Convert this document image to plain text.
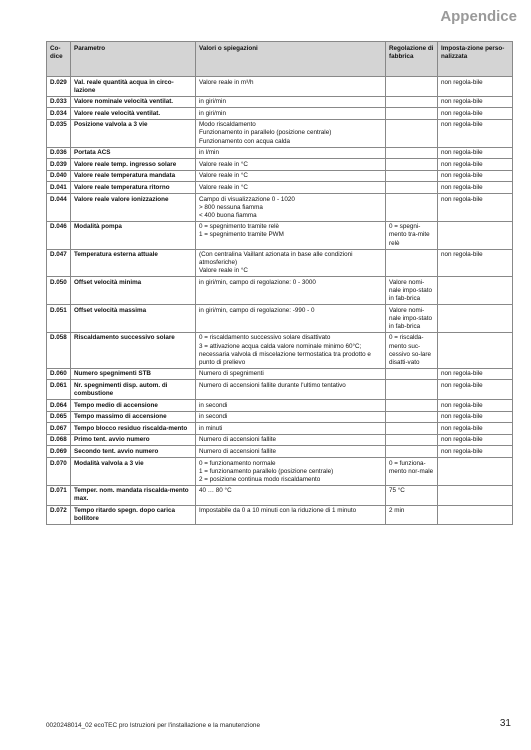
Appendice
Co-dice	Parametro	Valori o spiegazioni	Regolazione di fabbrica	Imposta-zione perso-nalizzata
D.029	Val. reale quantità acqua in circo-lazione	Valore reale in m³/h		non regola-bile
D.033	Valore nominale velocità ventilat.	in giri/min		non regola-bile
D.034	Valore reale velocità ventilat.	in giri/min		non regola-bile
D.035	Posizione valvola a 3 vie	Modo riscaldamento
Funzionamento in parallelo (posizione centrale)
Funzionamento con acqua calda		non regola-bile
D.036	Portata ACS	in l/min		non regola-bile
D.039	Valore reale temp. ingresso solare	Valore reale in °C		non regola-bile
D.040	Valore reale temperatura mandata	Valore reale in °C		non regola-bile
D.041	Valore reale temperatura ritorno	Valore reale in °C		non regola-bile
D.044	Valore reale valore ionizzazione	Campo di visualizzazione 0 - 1020
> 800 nessuna fiamma
< 400 buona fiamma		non regola-bile
D.046	Modalità pompa	0 = spegnimento tramite relè
1 = spegnimento tramite PWM	0 = spegni-mento tra-mite relè	
D.047	Temperatura esterna attuale	(Con centralina Vaillant azionata in base alle condizioni atmosferiche)
Valore reale in °C		non regola-bile
D.050	Offset velocità minima	in giri/min, campo di regolazione: 0 - 3000	Valore nomi-nale impo-stato in fab-brica	
D.051	Offset velocità massima	in giri/min, campo di regolazione: -990 - 0	Valore nomi-nale impo-stato in fab-brica	
D.058	Riscaldamento successivo solare	0 = riscaldamento successivo solare disattivato
3 = attivazione acqua calda valore nominale minimo 60°C; necessaria valvola di miscelazione termostatica tra prodotto e punto di prelievo	0 = riscalda-mento suc-cessivo so-lare disatti-vato	
D.060	Numero spegnimenti STB	Numero di spegnimenti		non regola-bile
D.061	Nr. spegnimenti disp. autom. di combustione	Numero di accensioni fallite durante l'ultimo tentativo		non regola-bile
D.064	Tempo medio di accensione	in secondi		non regola-bile
D.065	Tempo massimo di accensione	in secondi		non regola-bile
D.067	Tempo blocco residuo riscalda-mento	in minuti		non regola-bile
D.068	Primo tent. avvio numero	Numero di accensioni fallite		non regola-bile
D.069	Secondo tent. avvio numero	Numero di accensioni fallite		non regola-bile
D.070	Modalità valvola a 3 vie	0 = funzionamento normale
1 = funzionamento parallelo (posizione centrale)
2 = posizione continua modo riscaldamento	0 = funziona-mento nor-male	
D.071	Temper. nom. mandata riscalda-mento max.	40 … 80 °C	75 °C	
D.072	Tempo ritardo spegn. dopo carica bollitore	Impostabile da 0 a 10 minuti con la riduzione di 1 minuto	2 min	
0020248014_02 ecoTEC pro Istruzioni per l'installazione e la manutenzione	31
